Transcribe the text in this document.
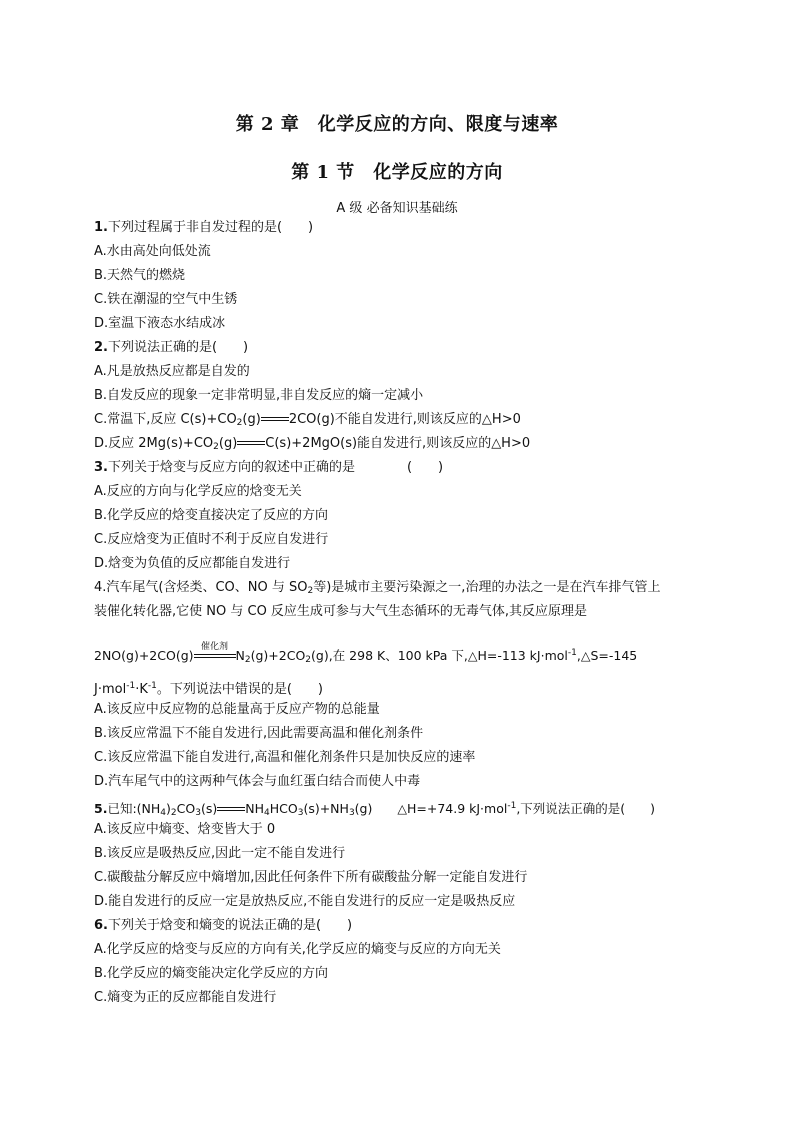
第 2 章　化学反应的方向、限度与速率
第 1 节　化学反应的方向
A 级 必备知识基础练
1.下列过程属于非自发过程的是(　　)
A.水由高处向低处流
B.天然气的燃烧
C.铁在潮湿的空气中生锈
D.室温下液态水结成冰
2.下列说法正确的是(　　)
A.凡是放热反应都是自发的
B.自发反应的现象一定非常明显,非自发反应的熵一定减小
C.常温下,反应 $C(s)+CO_2(g)$ 2CO(g)不能自发进行,则该反应的△H>0
D.反应 $2Mg(s)+CO_2(g)$ C(s)+2MgO(s)能自发进行,则该反应的△H>0
3.下列关于焓变与反应方向的叙述中正确的是　　　　(　　)
A.反应的方向与化学反应的焓变无关
B.化学反应的焓变直接决定了反应的方向
C.反应焓变为正值时不利于反应自发进行
D.焓变为负值的反应都能自发进行
4.汽车尾气(含烃类、CO、NO 与 $SO_2$等)是城市主要污染源之一,治理的办法之一是在汽车排气管上
装催化转化器,它使 NO 与 CO 反应生成可参与大气生态循环的无毒气体,其反应原理是
2NO(g)+2CO(g)
催化剂
$N_2(g)+2CO_2(g)$,在 298 K、100 kPa 下,△H=-113 kJ·mol$^{-1}$,△S=-145
$J\cdot mol^{-1}\cdot K^{-1}$。下列说法中错误的是(　　)
A.该反应中反应物的总能量高于反应产物的总能量
B.该反应常温下不能自发进行,因此需要高温和催化剂条件
C.该反应常温下能自发进行,高温和催化剂条件只是加快反应的速率
D.汽车尾气中的这两种气体会与血红蛋白结合而使人中毒
5.已知$:(NH_4)_2CO_3(s)$ $NH_4HCO_3(s)+NH_3(g)$　　△H=+74.9 kJ·mol$^{-1}$,下列说法正确的是(　　)
A.该反应中熵变、焓变皆大于 0
B.该反应是吸热反应,因此一定不能自发进行
C.碳酸盐分解反应中熵增加,因此任何条件下所有碳酸盐分解一定能自发进行
D.能自发进行的反应一定是放热反应,不能自发进行的反应一定是吸热反应
6.下列关于焓变和熵变的说法正确的是(　　)
A.化学反应的焓变与反应的方向有关,化学反应的熵变与反应的方向无关
B.化学反应的熵变能决定化学反应的方向
C.熵变为正的反应都能自发进行
